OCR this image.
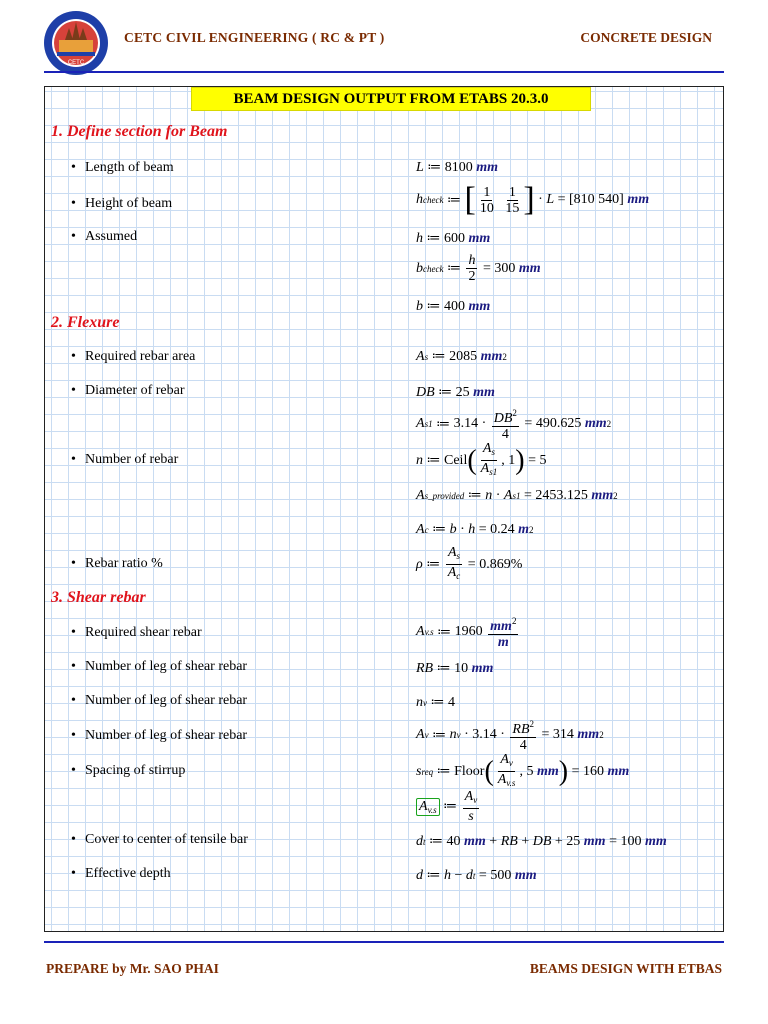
CETC
CETC CIVIL ENGINEERING ( RC & PT )	CONCRETE DESIGN
BEAM DESIGN OUTPUT FROM ETABS 20.3.0
1. Define section for Beam
• Length of beam	L ≔ 8100
mm
• Height of beam	h check ≔ [ $\frac{1}{10}$
$\frac{1}{15}$ ] · L = [810 540]
mm
• Assumed	h ≔ 600
mm
b check ≔ $\frac{h}{2} = 300$
mm
b ≔ 400
mm
2. Flexure
• Required rebar area	A s ≔ 2085
mm 2
• Diameter of rebar	DB ≔ 25
mm
A s1 ≔ $3.14 \cdot \frac{DB^2}{4} = 490.625$
mm 2
• Number of rebar	n ≔ Ceil ( $\frac{A_s}{A_{s1}}$ , 1 ) = 5
A s_provided ≔ n · A s1 = 2453.125
mm 2
A c ≔ b · h = 0.24
m 2
• Rebar ratio %	ρ ≔ $\frac{A_s}{A_c} = 0.869\%$
3. Shear rebar
• Required shear rebar	A v.s ≔ 1960
$\frac{mm^2}{m}$
• Number of leg of shear rebar	RB ≔ 10
mm
• Number of leg of shear rebar	n v ≔ 4
• Number of leg of shear rebar	A v ≔ n $v \cdot 3.14 \cdot \frac{RB^2}{4} = 314$
mm 2
• Spacing of stirrup	s req ≔ Floor ( $\frac{A_v}{A_{v.s}}$ , 5 mm ) = 160
mm
$A_{v.s}$ ≔ $\frac{A_v}{s}$
• Cover to center of tensile bar	d t ≔ 40
mm + RB + DB + 25
mm = 100
mm
• Effective depth	d ≔ h − d t = 500
mm
PREPARE by Mr. SAO PHAI	BEAMS DESIGN WITH ETBAS
